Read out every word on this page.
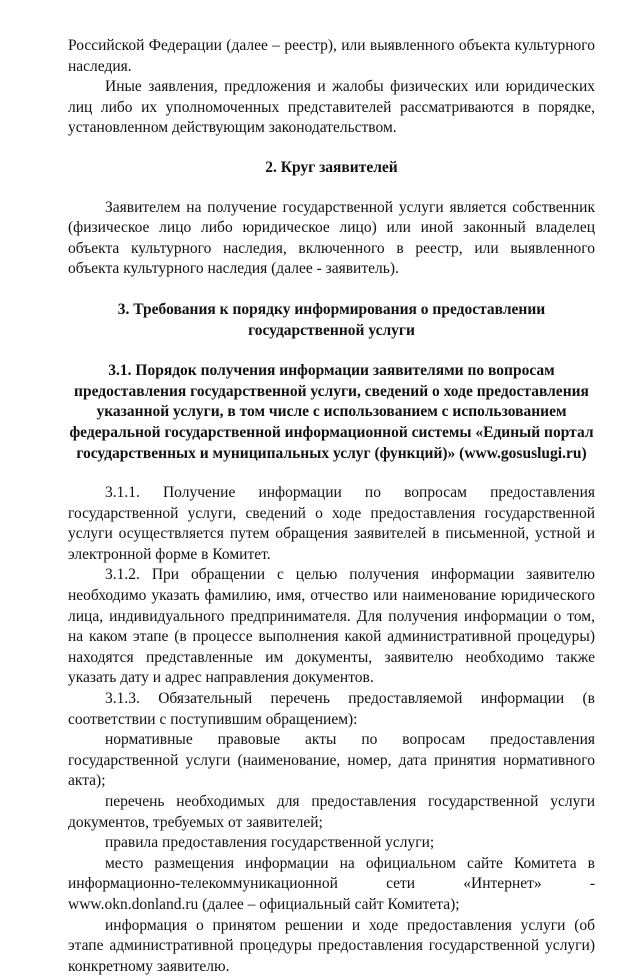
Российской Федерации (далее – реестр), или выявленного объекта культурного наследия.

Иные заявления, предложения и жалобы физических или юридических лиц либо их уполномоченных представителей рассматриваются в порядке, установленном действующим законодательством.

2. Круг заявителей

Заявителем на получение государственной услуги является собственник (физическое лицо либо юридическое лицо) или иной законный владелец объекта культурного наследия, включенного в реестр, или выявленного объекта культурного наследия (далее - заявитель).

3. Требования к порядку информирования о предоставлении государственной услуги
3.1. Порядок получения информации заявителями по вопросам предоставления государственной услуги, сведений о ходе предоставления указанной услуги, в том числе с использованием с использованием федеральной государственной информационной системы «Единый портал государственных и муниципальных услуг (функций)» (www.gosuslugi.ru)

3.1.1. Получение информации по вопросам предоставления государственной услуги, сведений о ходе предоставления государственной услуги осуществляется путем обращения заявителей в письменной, устной и электронной форме в Комитет.

3.1.2. При обращении с целью получения информации заявителю необходимо указать фамилию, имя, отчество или наименование юридического лица, индивидуального предпринимателя. Для получения информации о том, на каком этапе (в процессе выполнения какой административной процедуры) находятся представленные им документы, заявителю необходимо также указать дату и адрес направления документов.

3.1.3. Обязательный перечень предоставляемой информации (в соответствии с поступившим обращением):

нормативные правовые акты по вопросам предоставления государственной услуги (наименование, номер, дата принятия нормативного акта);

перечень необходимых для предоставления государственной услуги документов, требуемых от заявителей;

правила предоставления государственной услуги;

место размещения информации на официальном сайте Комитета в информационно-телекоммуникационной сети «Интернет» - www.okn.donland.ru (далее – официальный сайт Комитета);

информация о принятом решении и ходе предоставления услуги (об этапе административной процедуры предоставления государственной услуги) конкретному заявителю.
